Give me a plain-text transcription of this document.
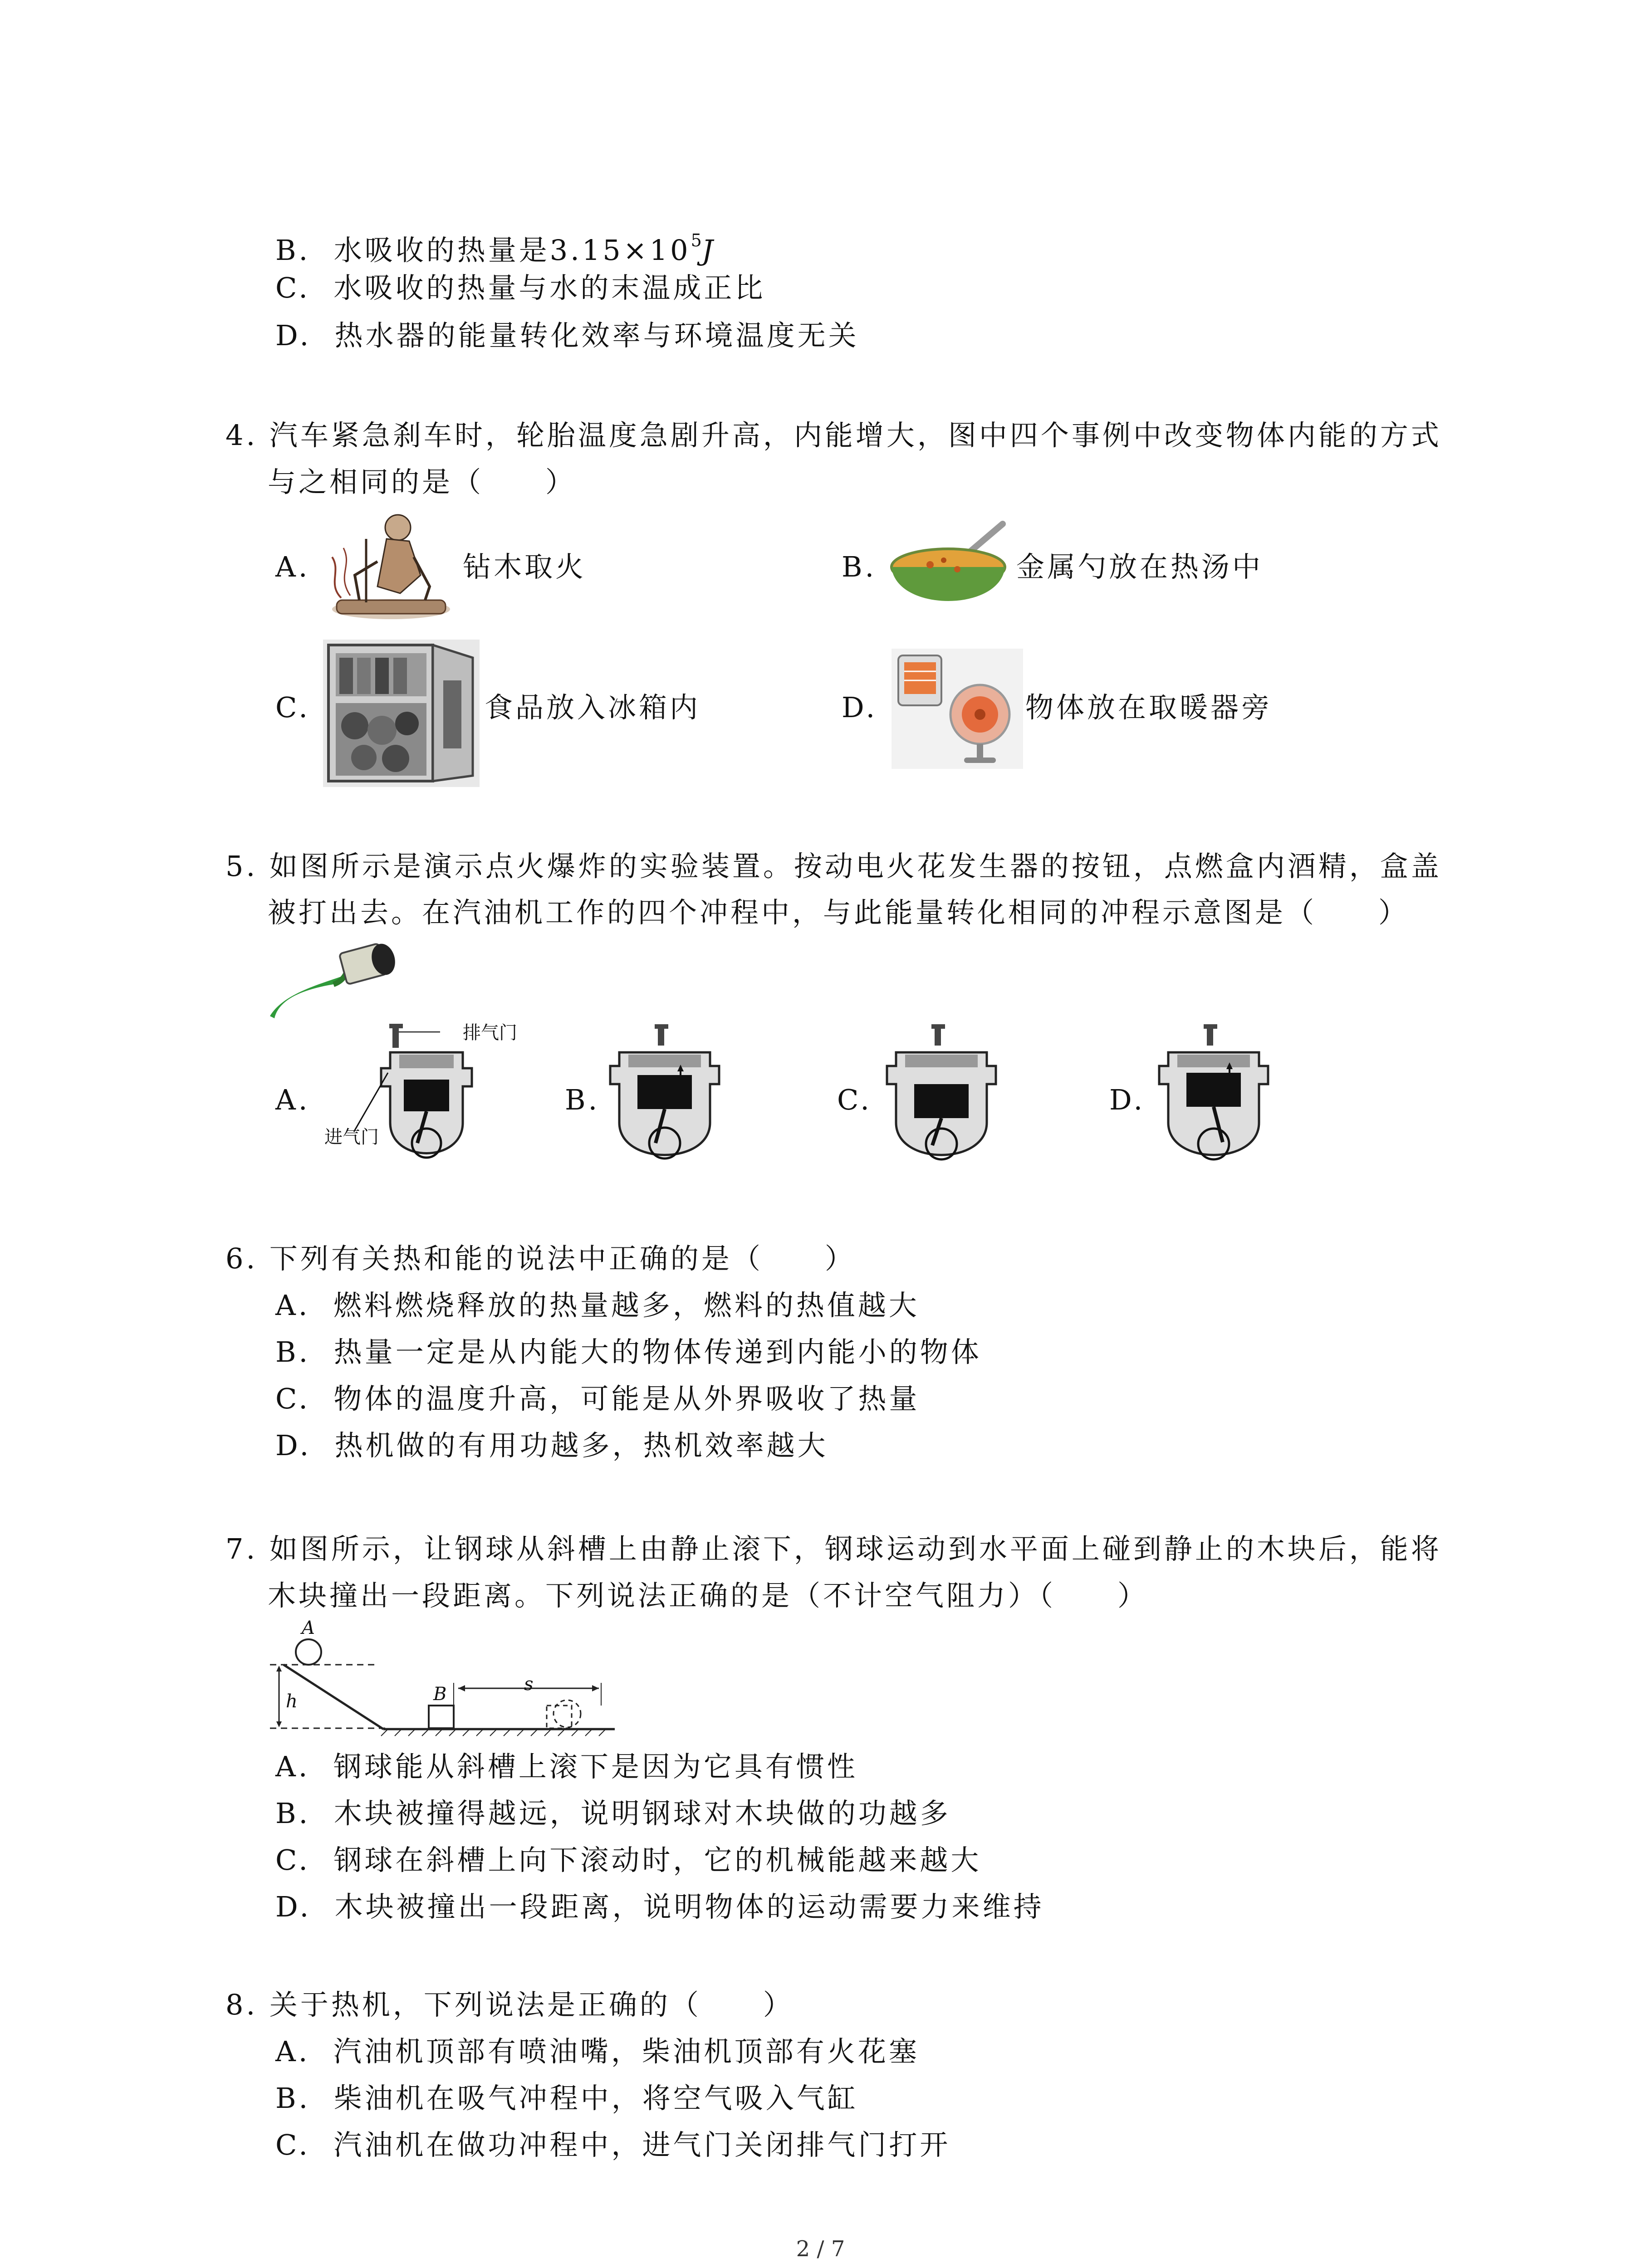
B. 水吸收的热量是$3.15\times 10^5J$
C. 水吸收的热量与水的末温成正比
D. 热水器的能量转化效率与环境温度无关
4. 汽车紧急刹车时，轮胎温度急剧升高，内能增大，图中四个事例中改变物体内能的方式
与之相同的是（　　）
A.	钻木取火	B.	金属勺放在热汤中
C.	食品放入冰箱内	D.	物体放在取暖器旁
5. 如图所示是演示点火爆炸的实验装置。按动电火花发生器的按钮，点燃盒内酒精，盒盖
被打出去。在汽油机工作的四个冲程中，与此能量转化相同的冲程示意图是（　　）
A.
排气门
进气门
B.	C.	D.
6. 下列有关热和能的说法中正确的是（　　）
A. 燃料燃烧释放的热量越多，燃料的热值越大
B. 热量一定是从内能大的物体传递到内能小的物体
C. 物体的温度升高，可能是从外界吸收了热量
D. 热机做的有用功越多，热机效率越大
7. 如图所示，让钢球从斜槽上由静止滚下，钢球运动到水平面上碰到静止的木块后，能将
木块撞出一段距离。下列说法正确的是（不计空气阻力）（　　）
A
h	B	s
A. 钢球能从斜槽上滚下是因为它具有惯性
B. 木块被撞得越远，说明钢球对木块做的功越多
C. 钢球在斜槽上向下滚动时，它的机械能越来越大
D. 木块被撞出一段距离，说明物体的运动需要力来维持
8. 关于热机，下列说法是正确的（　　）
A. 汽油机顶部有喷油嘴，柴油机顶部有火花塞
B. 柴油机在吸气冲程中，将空气吸入气缸
C. 汽油机在做功冲程中，进气门关闭排气门打开
2 / 7
